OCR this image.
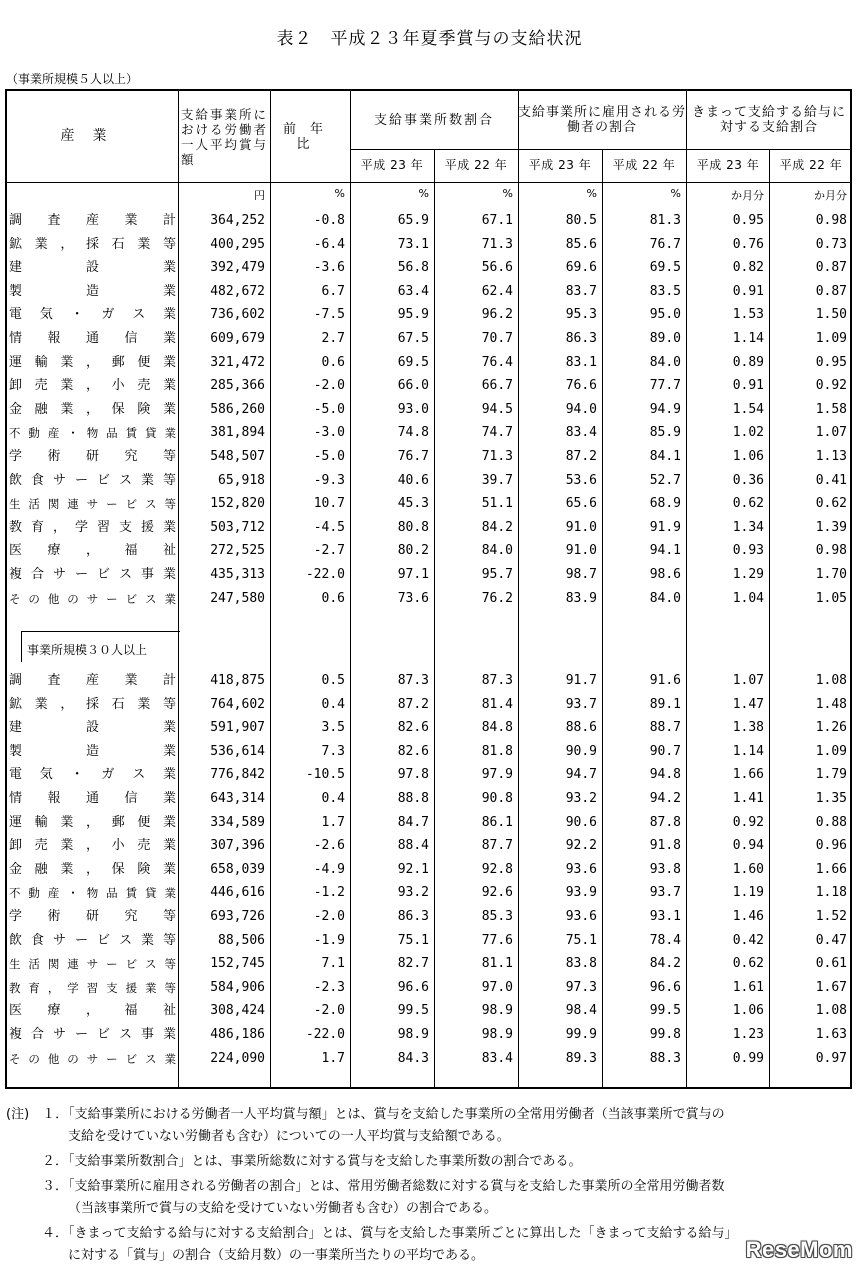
表２　平成２３年夏季賞与の支給状況
（事業所規模５人以上）
産業
支給事業所における労働者一人平均賞与額
前年比
支給事業所数割合	支給事業所に雇用される労働者の割合
きまって支給する給与に対する支給割合
平成 23 年	平成 22 年	平成 23 年	平成 22 年	平成 23 年	平成 22 年
事業所規模３０人以上
円	%	%	%	%	%	か月分	か月分
調査産業計	364,252	-0.8	65.9	67.1	80.5	81.3	0.95	0.98
鉱業，採石業等	400,295	-6.4	73.1	71.3	85.6	76.7	0.76	0.73
建設業	392,479	-3.6	56.8	56.6	69.6	69.5	0.82	0.87
製造業	482,672	6.7	63.4	62.4	83.7	83.5	0.91	0.87
電気・ガス業	736,602	-7.5	95.9	96.2	95.3	95.0	1.53	1.50
情報通信業	609,679	2.7	67.5	70.7	86.3	89.0	1.14	1.09
運輸業，郵便業	321,472	0.6	69.5	76.4	83.1	84.0	0.89	0.95
卸売業，小売業	285,366	-2.0	66.0	66.7	76.6	77.7	0.91	0.92
金融業，保険業	586,260	-5.0	93.0	94.5	94.0	94.9	1.54	1.58
不動産・物品賃貸業	381,894	-3.0	74.8	74.7	83.4	85.9	1.02	1.07
学術研究等	548,507	-5.0	76.7	71.3	87.2	84.1	1.06	1.13
飲食サービス業等	65,918	-9.3	40.6	39.7	53.6	52.7	0.36	0.41
生活関連サービス等	152,820	10.7	45.3	51.1	65.6	68.9	0.62	0.62
教育，学習支援業	503,712	-4.5	80.8	84.2	91.0	91.9	1.34	1.39
医療，福祉	272,525	-2.7	80.2	84.0	91.0	94.1	0.93	0.98
複合サービス事業	435,313	-22.0	97.1	95.7	98.7	98.6	1.29	1.70
その他のサービス業	247,580	0.6	73.6	76.2	83.9	84.0	1.04	1.05
調査産業計	418,875	0.5	87.3	87.3	91.7	91.6	1.07	1.08
鉱業，採石業等	764,602	0.4	87.2	81.4	93.7	89.1	1.47	1.48
建設業	591,907	3.5	82.6	84.8	88.6	88.7	1.38	1.26
製造業	536,614	7.3	82.6	81.8	90.9	90.7	1.14	1.09
電気・ガス業	776,842	-10.5	97.8	97.9	94.7	94.8	1.66	1.79
情報通信業	643,314	0.4	88.8	90.8	93.2	94.2	1.41	1.35
運輸業，郵便業	334,589	1.7	84.7	86.1	90.6	87.8	0.92	0.88
卸売業，小売業	307,396	-2.6	88.4	87.7	92.2	91.8	0.94	0.96
金融業，保険業	658,039	-4.9	92.1	92.8	93.6	93.8	1.60	1.66
不動産・物品賃貸業	446,616	-1.2	93.2	92.6	93.9	93.7	1.19	1.18
学術研究等	693,726	-2.0	86.3	85.3	93.6	93.1	1.46	1.52
飲食サービス業等	88,506	-1.9	75.1	77.6	75.1	78.4	0.42	0.47
生活関連サービス等	152,745	7.1	82.7	81.1	83.8	84.2	0.62	0.61
教育，学習支援業等	584,906	-2.3	96.6	97.0	97.3	96.6	1.61	1.67
医療，福祉	308,424	-2.0	99.5	98.9	98.4	99.5	1.06	1.08
複合サービス事業	486,186	-22.0	98.9	98.9	99.9	99.8	1.23	1.63
その他のサービス業	224,090	1.7	84.3	83.4	89.3	88.3	0.99	0.97
(注)　１．「支給事業所における労働者一人平均賞与額」とは、賞与を支給した事業所の全常用労働者（当該事業所で賞与の
支給を受けていない労働者も含む）についての一人平均賞与支給額である。
２．「支給事業所数割合」とは、事業所総数に対する賞与を支給した事業所数の割合である。
３．「支給事業所に雇用される労働者の割合」とは、常用労働者総数に対する賞与を支給した事業所の全常用労働者数
（当該事業所で賞与の支給を受けていない労働者も含む）の割合である。
４．「きまって支給する給与に対する支給割合」とは、賞与を支給した事業所ごとに算出した「きまって支給する給与」
に対する「賞与」の割合（支給月数）の一事業所当たりの平均である。	ReseMom
